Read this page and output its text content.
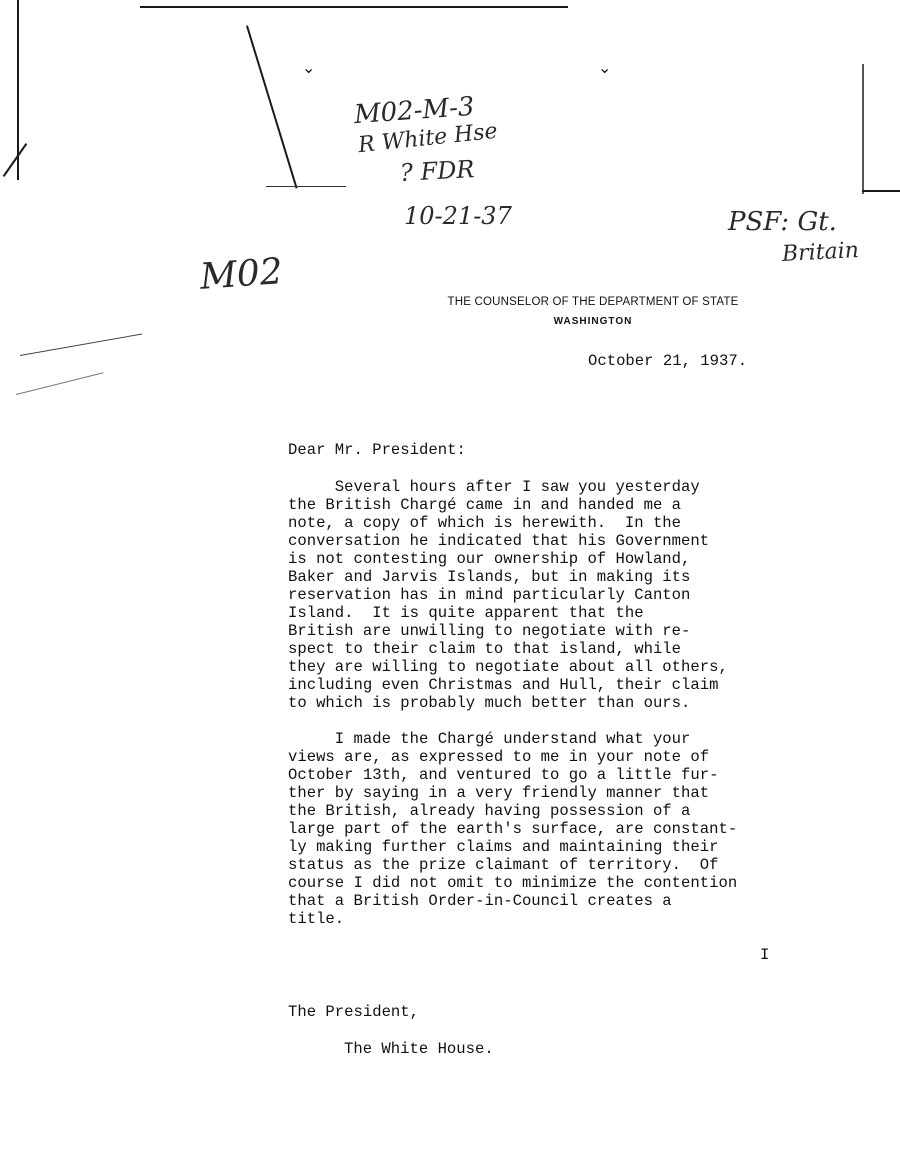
⌄	⌄
M02-M-3
R White Hse
? FDR
10-21-37	PSF: Gt.
Britain
M02
THE COUNSELOR OF THE DEPARTMENT OF STATE
WASHINGTON
October 21, 1937.
Dear Mr. President:
Several hours after I saw you yesterday
the British Chargé came in and handed me a
note, a copy of which is herewith.  In the
conversation he indicated that his Government
is not contesting our ownership of Howland,
Baker and Jarvis Islands, but in making its
reservation has in mind particularly Canton
Island.  It is quite apparent that the
British are unwilling to negotiate with re-
spect to their claim to that island, while
they are willing to negotiate about all others,
including even Christmas and Hull, their claim
to which is probably much better than ours.
I made the Chargé understand what your
views are, as expressed to me in your note of
October 13th, and ventured to go a little fur-
ther by saying in a very friendly manner that
the British, already having possession of a
large part of the earth's surface, are constant-
ly making further claims and maintaining their
status as the prize claimant of territory.  Of
course I did not omit to minimize the contention
that a British Order-in-Council creates a
title.
I
The President,
The White House.
